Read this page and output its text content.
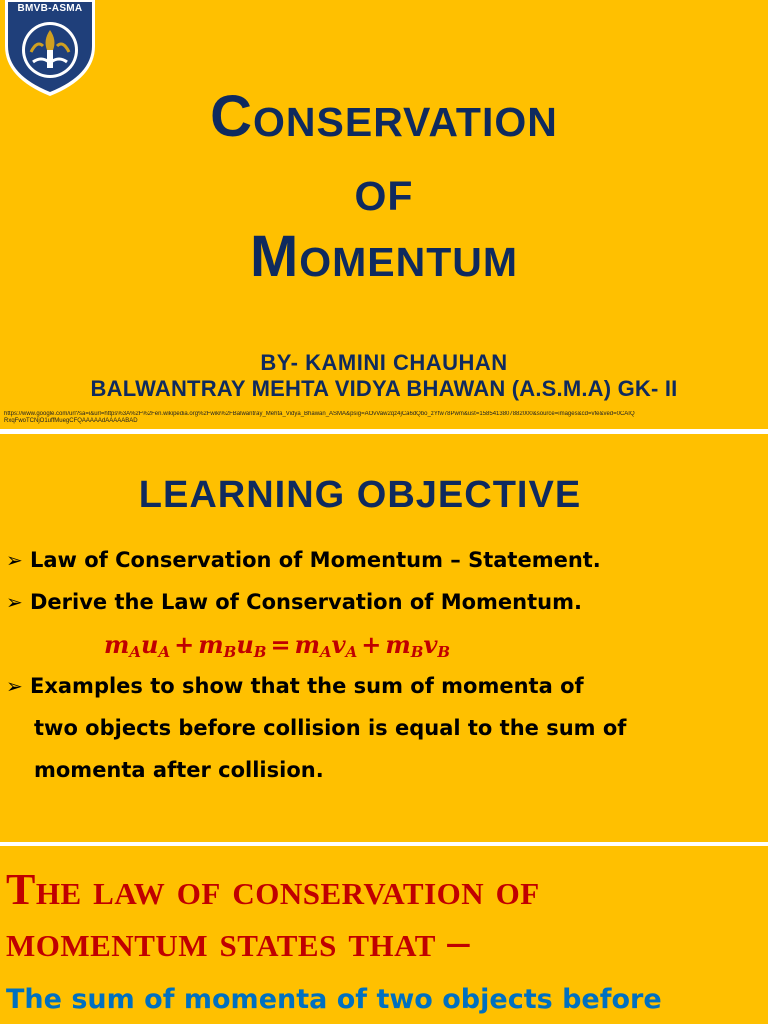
BMVB-ASMA
Conservation
of
Momentum
BY- KAMINI CHAUHAN
BALWANTRAY MEHTA VIDYA BHAWAN (A.S.M.A) GK- II
https://www.google.com/url?sa=i&url=https%3A%2F%2Fen.wikipedia.org%2Fwiki%2FBalwantray_Mehta_Vidya_Bhawan_ASMA&psig=AOvVaw2qz4jCa6dQbo_zYfw78Pwm&ust=1585413807882000&source=images&cd=vfe&ved=0CAIQ
RxqFwoTCNjO1uffMuegCFQAAAAAdAAAAABAD
LEARNING OBJECTIVE
➢ Law of Conservation of Momentum – Statement.
➢ Derive the Law of Conservation of Momentum.
$m_Au_A + m_Bu_B = m_Av_A + m_Bv_B$
➢ Examples to show that the sum of momenta of
two objects before collision is equal to the sum of
momenta after collision.
The law of conservation of
momentum states that –
The sum of momenta of two objects before
